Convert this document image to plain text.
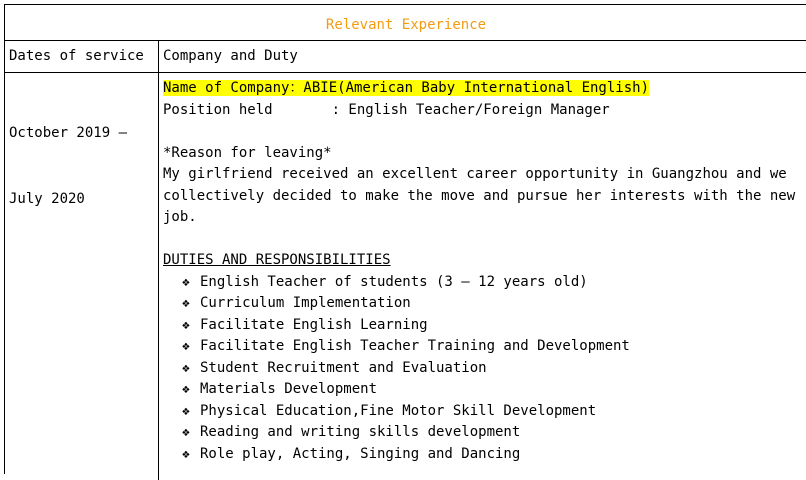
Relevant Experience
Dates of service Company and Duty

October 2019 –

July 2020

Name of Company：ABIE(American Baby International English)
Position held       : English Teacher/Foreign Manager
*Reason for leaving*
My girlfriend received an excellent career opportunity in Guangzhou and we collectively decided to make the move and pursue her interests with the new job.
DUTIES AND RESPONSIBILITIES
❖ English Teacher of students (3 – 12 years old)
❖ Curriculum Implementation
❖ Facilitate English Learning
❖ Facilitate English Teacher Training and Development
❖ Student Recruitment and Evaluation
❖ Materials Development
❖ Physical Education,Fine Motor Skill Development
❖ Reading and writing skills development
❖ Role play, Acting, Singing and Dancing
